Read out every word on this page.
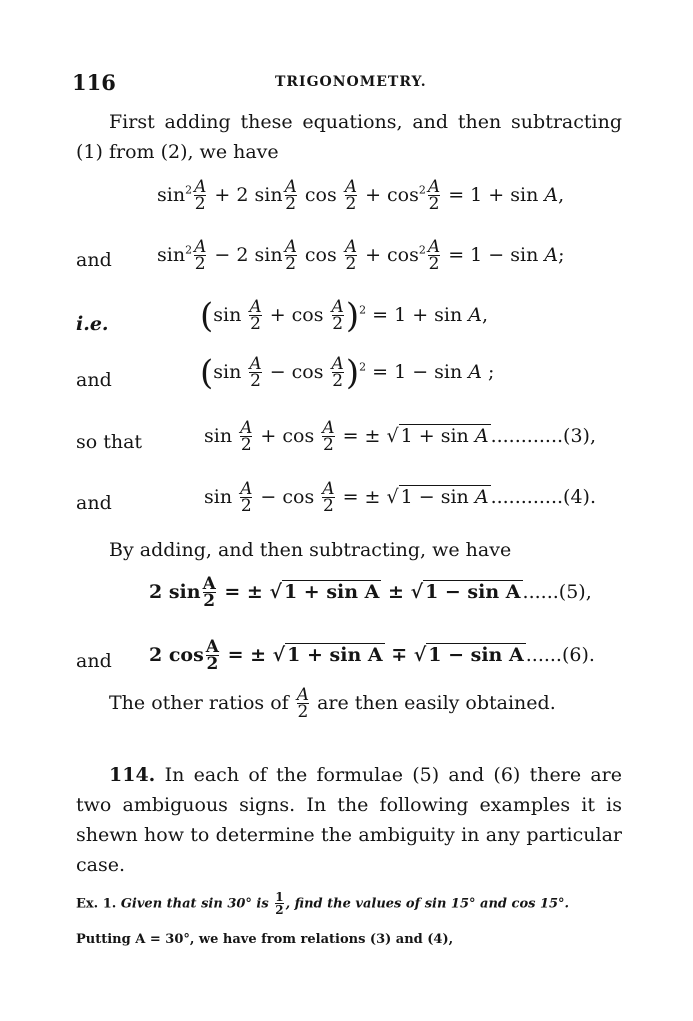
116	TRIGONOMETRY.
First adding these equations, and then subtracting (1) from (2), we have
$\sin^2 \frac{A}{2} + 2$ $\sin \frac{A}{2}$ $\cos \frac{A}{2} + \cos^2 \frac{A}{2} = 1 + \sin A$,
and $\sin^2 \frac{A}{2} - 2$ $\sin \frac{A}{2}$ $\cos \frac{A}{2} + \cos^2 \frac{A}{2} = 1 - \sin A$;
i.e.	$(\sin \frac{A}{2} + \cos \frac{A}{2} )^2 = 1 + \sin A$,
and	$(\sin \frac{A}{2} - \cos \frac{A}{2} )^2 = 1 - \sin A$ ;
so that	$\sin \frac{A}{2} + \cos \frac{A}{2}$ = ± √ 1 + sin A ............(3),
and	$\sin \frac{A}{2} - \cos \frac{A}{2}$ = ± √ 1 − sin A ............(4).
By adding, and then subtracting, we have
2 $\sin \frac{A}{2}$ = ± √ 1 + sin A ± √ 1 − sin A ......(5),
and 2 $\cos \frac{A}{2}$ = ± √ 1 + sin A ∓ √ 1 − sin A ......(6).
The other ratios of $\frac{A}{2}$ are then easily obtained.
114. In each of the formulae (5) and (6) there are two ambiguous signs. In the following examples it is shewn how to determine the ambiguity in any particular case.
Ex. 1. Given that sin 30° is $\frac{1}{2}$ , find the values of sin 15° and cos 15°.
Putting A = 30°, we have from relations (3) and (4),
